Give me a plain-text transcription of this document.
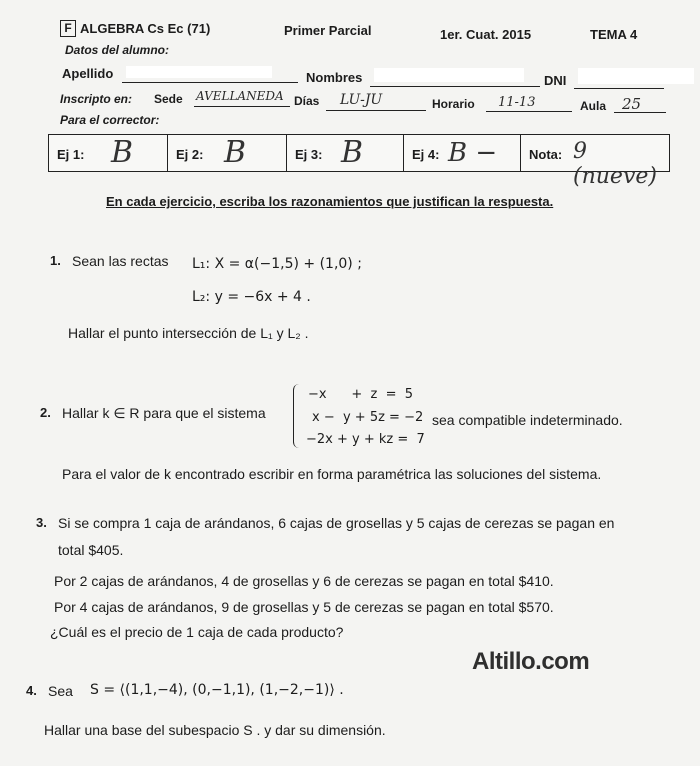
F ALGEBRA Cs Ec (71)	Primer Parcial	1er. Cuat. 2015	TEMA 4
Datos del alumno:
Apellido	Nombres	DNI
Inscripto en: Sede AVELLANEDA Días LU-JU	Horario 11-13	Aula 25
Para el corrector:
Ej 1: B	Ej 2: B	Ej 3: B	Ej 4: B − Nota: 9 (nueve)
En cada ejercicio, escriba los razonamientos que justifican la respuesta.
1. Sean las rectas L₁: X = α(−1,5) + (1,0) ;
L₂: y = −6x + 4 .
Hallar el punto intersección de L₁ y L₂ .
2. Hallar k ∈ R para que el sistema
−x      +  z  =  5
x −  y + 5z = −2
−2x + y + kz =  7
sea compatible indeterminado.
Para el valor de k encontrado escribir en forma paramétrica las soluciones del sistema.
3. Si se compra 1 caja de arándanos, 6 cajas de grosellas y 5 cajas de cerezas se pagan en
total $405.
Por 2 cajas de arándanos, 4 de grosellas y 6 de cerezas se pagan en total $410.
Por 4 cajas de arándanos, 9 de grosellas y 5 de cerezas se pagan en total $570.
¿Cuál es el precio de 1 caja de cada producto?
Altillo.com
4. Sea S = ⟨(1,1,−4), (0,−1,1), (1,−2,−1)⟩ .
Hallar una base del subespacio S . y dar su dimensión.
